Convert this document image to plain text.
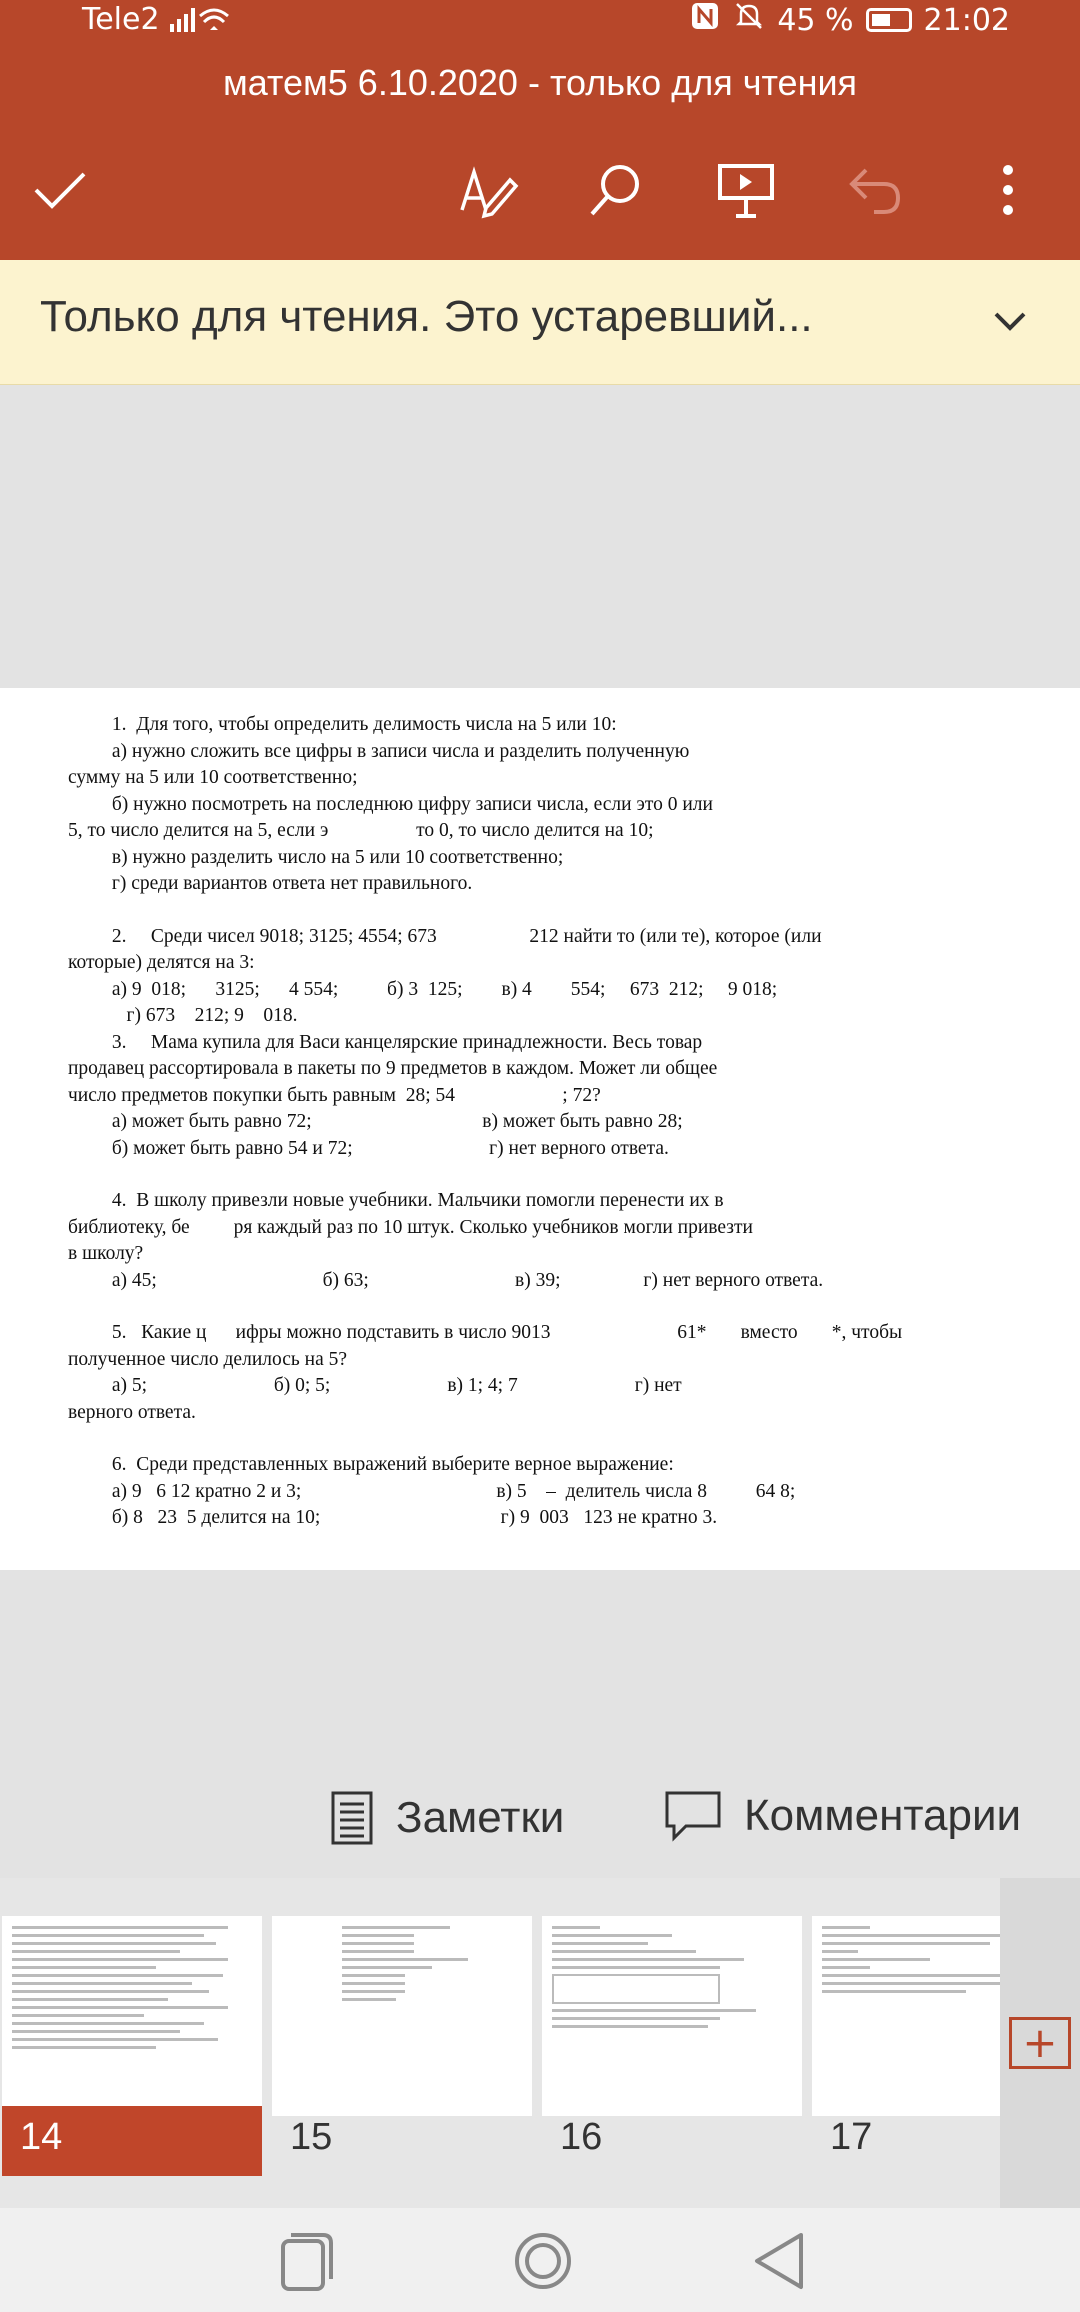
Tele2	45 % 21:02
матем5 6.10.2020 - только для чтения
Только для чтения. Это устаревший...

1.  Для того, чтобы определить делимость числа на 5 или 10:

а) нужно сложить все цифры в записи числа и разделить полученную

сумму на 5 или 10 соответственно;

б) нужно посмотреть на последнюю цифру записи числа, если это 0 или

5, то число делится на 5, если э                  то 0, то число делится на 10;

в) нужно разделить число на 5 или 10 соответственно;

г) среди вариантов ответа нет правильного.

2.     Среди чисел 9018; 3125; 4554; 673                   212 найти то (или те), которое (или

которые) делятся на 3:

а) 9  018;      3125;      4 554;          б) 3  125;        в) 4        554;     673  212;     9 018;

г) 673    212; 9    018.

3.     Мама купила для Васи канцелярские принадлежности. Весь товар

продавец рассортировала в пакеты по 9 предметов в каждом. Может ли общее

число предметов покупки быть равным  28; 54                      ; 72?

а) может быть равно 72;                                   в) может быть равно 28;

б) может быть равно 54 и 72;                            г) нет верного ответа.

4.  В школу привезли новые учебники. Мальчики помогли перенести их в

библиотеку, бе         ря каждый раз по 10 штук. Сколько учебников могли привезти

в школу?

а) 45;                                  б) 63;                              в) 39;                 г) нет верного ответа.

5.   Какие ц      ифры можно подставить в число 9013                          61*       вместо       *, чтобы

полученное число делилось на 5?

а) 5;                          б) 0; 5;                        в) 1; 4; 7                        г) нет

верного ответа.

6.  Среди представленных выражений выберите верное выражение:

а) 9   6 12 кратно 2 и 3;                                        в) 5    –  делитель числа 8          64 8;

б) 8   23  5 делится на 10;                                     г) 9  003   123 не кратно 3.

Заметки	Комментарии
14	15	16	17
+
